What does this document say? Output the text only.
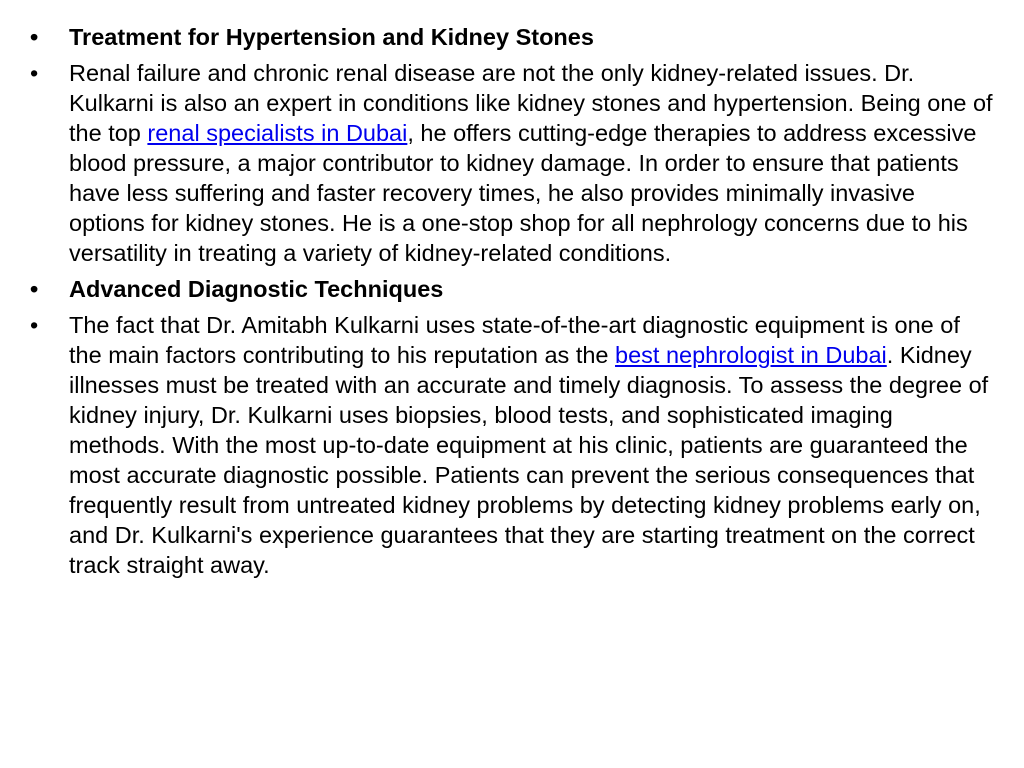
•	Treatment for Hypertension and Kidney Stones
•	Renal failure and chronic renal disease are not the only kidney-related issues. Dr. Kulkarni is also an expert in conditions like kidney stones and hypertension. Being one of the top renal specialists in Dubai, he offers cutting-edge therapies to address excessive blood pressure, a major contributor to kidney damage. In order to ensure that patients have less suffering and faster recovery times, he also provides minimally invasive options for kidney stones. He is a one-stop shop for all nephrology concerns due to his versatility in treating a variety of kidney-related conditions.
•	Advanced Diagnostic Techniques
•	The fact that Dr. Amitabh Kulkarni uses state-of-the-art diagnostic equipment is one of the main factors contributing to his reputation as the best nephrologist in Dubai. Kidney illnesses must be treated with an accurate and timely diagnosis. To assess the degree of kidney injury, Dr. Kulkarni uses biopsies, blood tests, and sophisticated imaging methods. With the most up-to-date equipment at his clinic, patients are guaranteed the most accurate diagnostic possible. Patients can prevent the serious consequences that frequently result from untreated kidney problems by detecting kidney problems early on, and Dr. Kulkarni's experience guarantees that they are starting treatment on the correct track straight away.
